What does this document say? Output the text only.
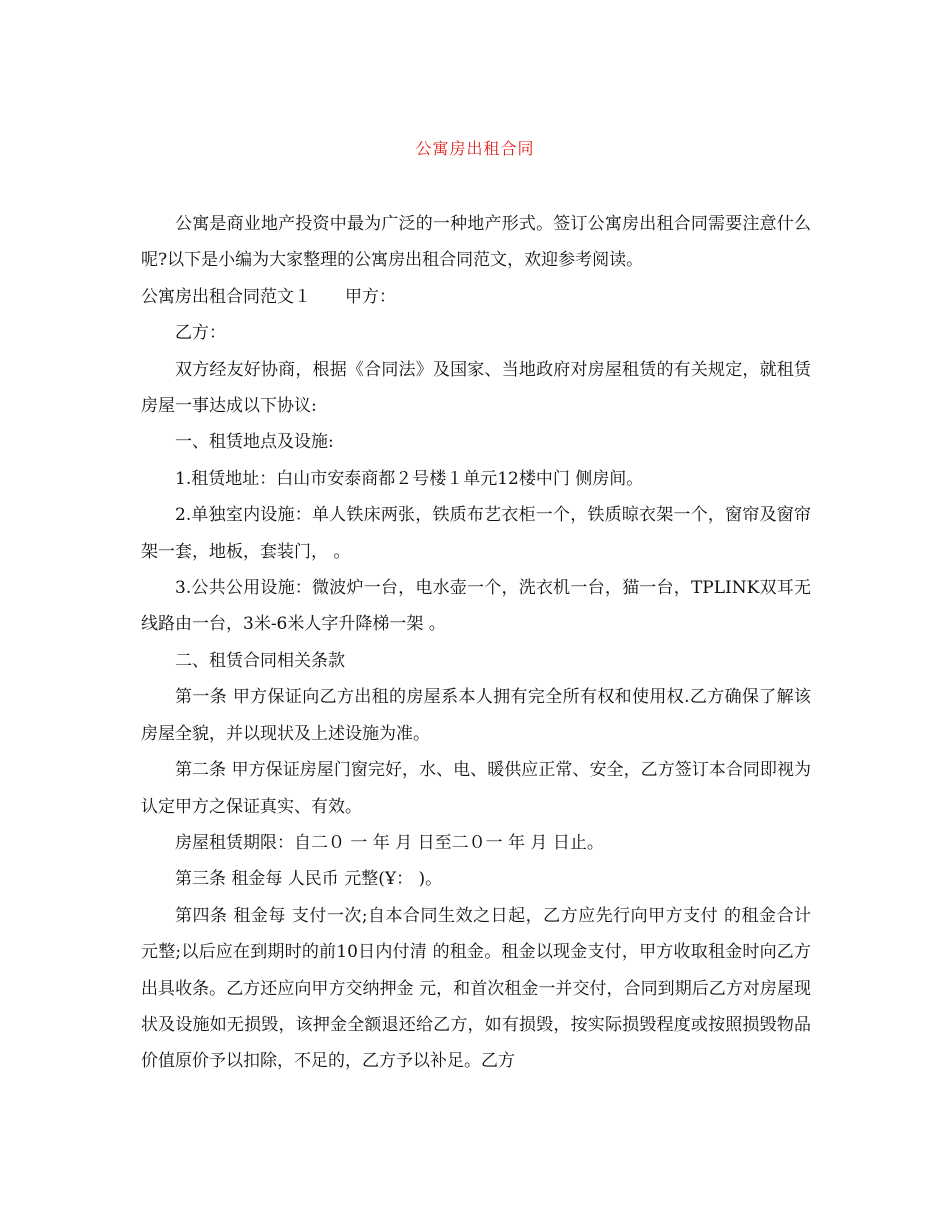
公寓房出租合同

公寓是商业地产投资中最为广泛的一种地产形式。签订公寓房出租合同需要注意什么呢?以下是小编为大家整理的公寓房出租合同范文，欢迎参考阅读。

公寓房出租合同范文１ 甲方：

乙方：

双方经友好协商，根据《合同法》及国家、当地政府对房屋租赁的有关规定，就租赁房屋一事达成以下协议:

一、租赁地点及设施:

1.租赁地址：白山市安泰商都２号楼１单元12楼中门 侧房间。

2.单独室内设施：单人铁床两张，铁质布艺衣柜一个，铁质晾衣架一个，窗帘及窗帘架一套，地板，套装门， 。

3.公共公用设施：微波炉一台，电水壶一个，洗衣机一台，猫一台，TPLINK双耳无线路由一台，3米-6米人字升降梯一架 。

二、租赁合同相关条款

第一条 甲方保证向乙方出租的房屋系本人拥有完全所有权和使用权.乙方确保了解该房屋全貌，并以现状及上述设施为准。

第二条 甲方保证房屋门窗完好，水、电、暖供应正常、安全，乙方签订本合同即视为认定甲方之保证真实、有效。

房屋租赁期限：自二０ 一 年 月 日至二０一 年 月 日止。

第三条 租金每 人民币 元整(Ұ： )。

第四条 租金每 支付一次;自本合同生效之日起，乙方应先行向甲方支付 的租金合计 元整;以后应在到期时的前10日内付清 的租金。租金以现金支付，甲方收取租金时向乙方出具收条。乙方还应向甲方交纳押金 元，和首次租金一并交付，合同到期后乙方对房屋现状及设施如无损毁，该押金全额退还给乙方，如有损毁，按实际损毁程度或按照损毁物品价值原价予以扣除，不足的，乙方予以补足。乙方
